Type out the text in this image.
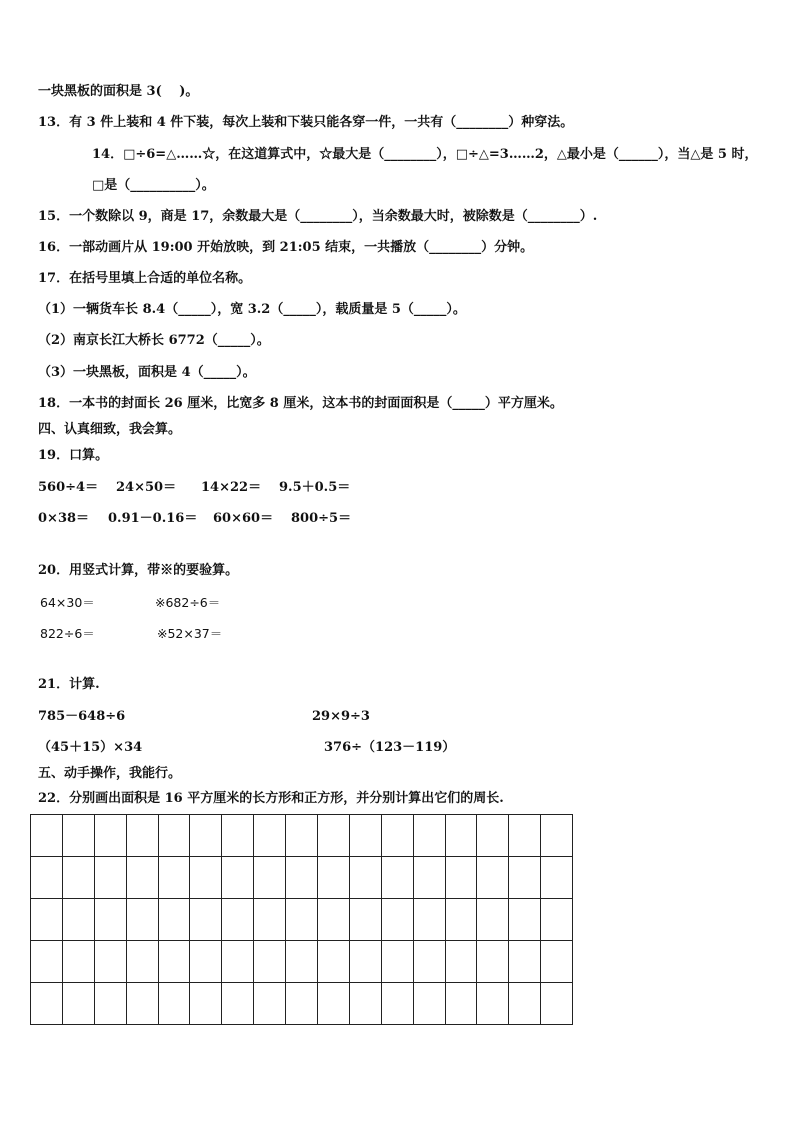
一块黑板的面积是 3(　 )。
13．有 3 件上装和 4 件下装，每次上装和下装只能各穿一件，一共有（________）种穿法。
14．□÷6=△……☆，在这道算式中，☆最大是（________），□÷△=3……2，△最小是（______），当△是 5 时，
□是（__________）。
15．一个数除以 9，商是 17，余数最大是（________），当余数最大时，被除数是（________）.
16．一部动画片从 19:00 开始放映，到 21:05 结束，一共播放（________）分钟。
17．在括号里填上合适的单位名称。
（1）一辆货车长 8.4（_____），宽 3.2（_____），载质量是 5（_____）。
（2）南京长江大桥长 6772（_____）。
（3）一块黑板，面积是 4（_____）。
18．一本书的封面长 26 厘米，比宽多 8 厘米，这本书的封面面积是（_____）平方厘米。
四、认真细致，我会算。
19．口算。
560÷4＝ 24×50＝ 14×22＝ 9.5＋0.5＝
0×38＝ 0.91－0.16＝ 60×60＝ 800÷5＝
20．用竖式计算，带※的要验算。
64×30＝	※682÷6＝
822÷6＝	※52×37＝
21．计算.
785－648÷6	29×9÷3
（45＋15）×34	376÷（123－119）
五、动手操作，我能行。
22．分别画出面积是 16 平方厘米的长方形和正方形，并分别计算出它们的周长.
